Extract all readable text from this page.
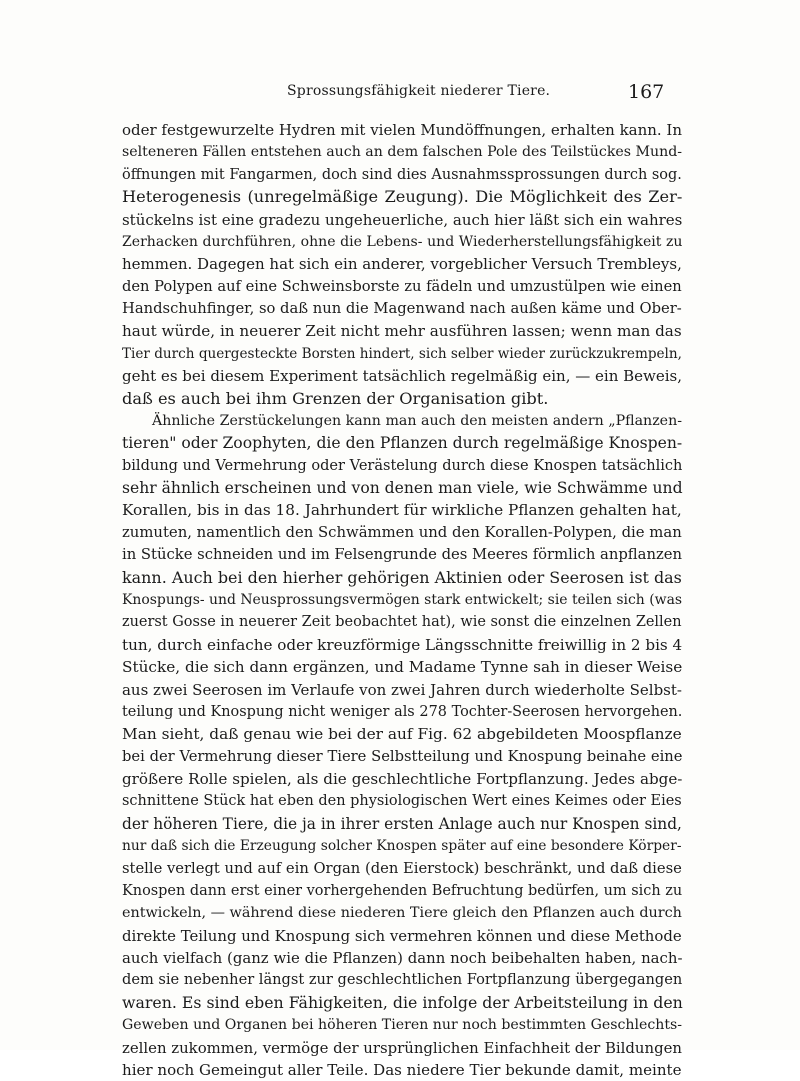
Sprossungsfähigkeit niederer Tiere.	167
oder festgewurzelte Hydren mit vielen Mundöffnungen, erhalten kann. In
selteneren Fällen entstehen auch an dem falschen Pole des Teilstückes Mund-
öffnungen mit Fangarmen, doch sind dies Ausnahmssprossungen durch sog.
Heterogenesis (unregelmäßige Zeugung). Die Möglichkeit des Zer-
stückelns ist eine gradezu ungeheuerliche, auch hier läßt sich ein wahres
Zerhacken durchführen, ohne die Lebens- und Wiederherstellungsfähigkeit zu
hemmen. Dagegen hat sich ein anderer, vorgeblicher Versuch Trembleys,
den Polypen auf eine Schweinsborste zu fädeln und umzustülpen wie einen
Handschuhfinger, so daß nun die Magenwand nach außen käme und Ober-
haut würde, in neuerer Zeit nicht mehr ausführen lassen; wenn man das
Tier durch quergesteckte Borsten hindert, sich selber wieder zurückzukrempeln,
geht es bei diesem Experiment tatsächlich regelmäßig ein, — ein Beweis,
daß es auch bei ihm Grenzen der Organisation gibt.
Ähnliche Zerstückelungen kann man auch den meisten andern „Pflanzen-
tieren" oder Zoophyten, die den Pflanzen durch regelmäßige Knospen-
bildung und Vermehrung oder Verästelung durch diese Knospen tatsächlich
sehr ähnlich erscheinen und von denen man viele, wie Schwämme und
Korallen, bis in das 18. Jahrhundert für wirkliche Pflanzen gehalten hat,
zumuten, namentlich den Schwämmen und den Korallen-Polypen, die man
in Stücke schneiden und im Felsengrunde des Meeres förmlich anpflanzen
kann. Auch bei den hierher gehörigen Aktinien oder Seerosen ist das
Knospungs- und Neusprossungsvermögen stark entwickelt; sie teilen sich (was
zuerst Gosse in neuerer Zeit beobachtet hat), wie sonst die einzelnen Zellen
tun, durch einfache oder kreuzförmige Längsschnitte freiwillig in 2 bis 4
Stücke, die sich dann ergänzen, und Madame Tynne sah in dieser Weise
aus zwei Seerosen im Verlaufe von zwei Jahren durch wiederholte Selbst-
teilung und Knospung nicht weniger als 278 Tochter-Seerosen hervorgehen.
Man sieht, daß genau wie bei der auf Fig. 62 abgebildeten Moospflanze
bei der Vermehrung dieser Tiere Selbstteilung und Knospung beinahe eine
größere Rolle spielen, als die geschlechtliche Fortpflanzung. Jedes abge-
schnittene Stück hat eben den physiologischen Wert eines Keimes oder Eies
der höheren Tiere, die ja in ihrer ersten Anlage auch nur Knospen sind,
nur daß sich die Erzeugung solcher Knospen später auf eine besondere Körper-
stelle verlegt und auf ein Organ (den Eierstock) beschränkt, und daß diese
Knospen dann erst einer vorhergehenden Befruchtung bedürfen, um sich zu
entwickeln, — während diese niederen Tiere gleich den Pflanzen auch durch
direkte Teilung und Knospung sich vermehren können und diese Methode
auch vielfach (ganz wie die Pflanzen) dann noch beibehalten haben, nach-
dem sie nebenher längst zur geschlechtlichen Fortpflanzung übergegangen
waren. Es sind eben Fähigkeiten, die infolge der Arbeitsteilung in den
Geweben und Organen bei höheren Tieren nur noch bestimmten Geschlechts-
zellen zukommen, vermöge der ursprünglichen Einfachheit der Bildungen
hier noch Gemeingut aller Teile. Das niedere Tier bekunde damit, meinte
